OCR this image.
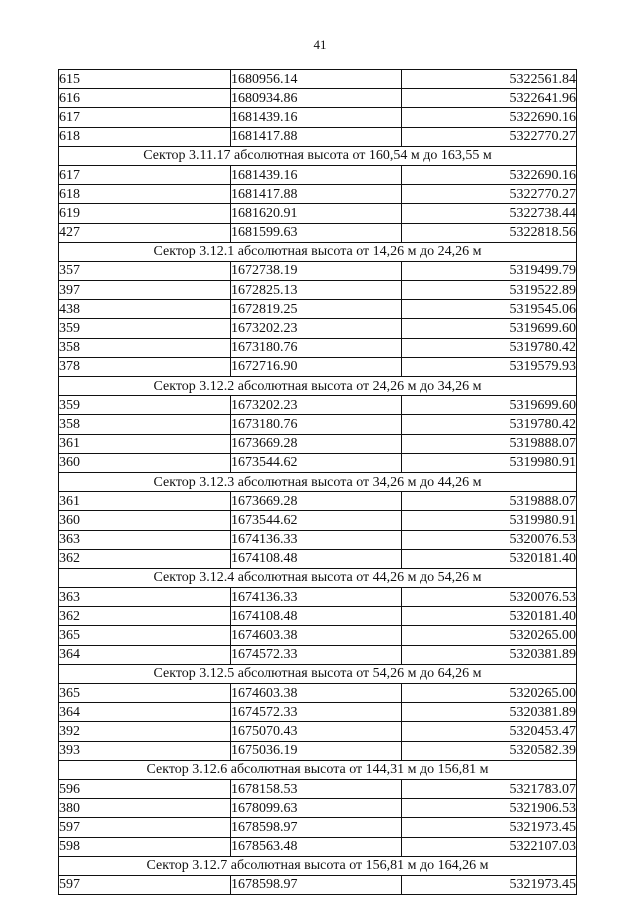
41
615	1680956.14	5322561.84
616	1680934.86	5322641.96
617	1681439.16	5322690.16
618	1681417.88	5322770.27
Сектор 3.11.17 абсолютная высота от 160,54 м до 163,55 м		
617	1681439.16	5322690.16
618	1681417.88	5322770.27
619	1681620.91	5322738.44
427	1681599.63	5322818.56
Сектор 3.12.1 абсолютная высота от 14,26 м до 24,26 м		
357	1672738.19	5319499.79
397	1672825.13	5319522.89
438	1672819.25	5319545.06
359	1673202.23	5319699.60
358	1673180.76	5319780.42
378	1672716.90	5319579.93
Сектор 3.12.2 абсолютная высота от 24,26 м до 34,26 м		
359	1673202.23	5319699.60
358	1673180.76	5319780.42
361	1673669.28	5319888.07
360	1673544.62	5319980.91
Сектор 3.12.3 абсолютная высота от 34,26 м до 44,26 м		
361	1673669.28	5319888.07
360	1673544.62	5319980.91
363	1674136.33	5320076.53
362	1674108.48	5320181.40
Сектор 3.12.4 абсолютная высота от 44,26 м до 54,26 м		
363	1674136.33	5320076.53
362	1674108.48	5320181.40
365	1674603.38	5320265.00
364	1674572.33	5320381.89
Сектор 3.12.5 абсолютная высота от 54,26 м до 64,26 м		
365	1674603.38	5320265.00
364	1674572.33	5320381.89
392	1675070.43	5320453.47
393	1675036.19	5320582.39
Сектор 3.12.6 абсолютная высота от 144,31 м до 156,81 м		
596	1678158.53	5321783.07
380	1678099.63	5321906.53
597	1678598.97	5321973.45
598	1678563.48	5322107.03
Сектор 3.12.7 абсолютная высота от 156,81 м до 164,26 м		
597	1678598.97	5321973.45
